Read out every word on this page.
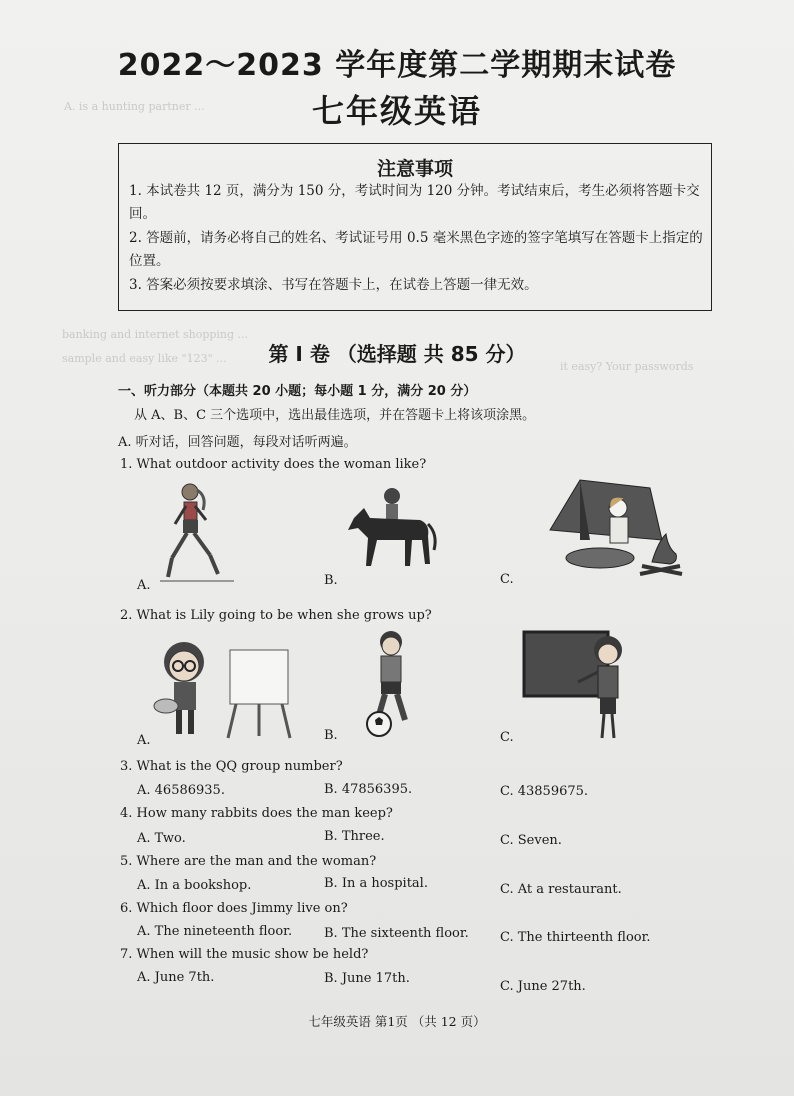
A. is a hunting partner ...
banking and internet shopping ...
sample and easy like "123" ...
it easy? Your passwords
2022～2023 学年度第二学期期末试卷
七年级英语
注意事项
1. 本试卷共 12 页，满分为 150 分，考试时间为 120 分钟。考试结束后，考生必须将答题卡交回。
2. 答题前，请务必将自己的姓名、考试证号用 0.5 毫米黑色字迹的签字笔填写在答题卡上指定的位置。
3. 答案必须按要求填涂、书写在答题卡上，在试卷上答题一律无效。
第 Ⅰ 卷 （选择题 共 85 分）
一、听力部分（本题共 20 小题；每小题 1 分，满分 20 分）
从 A、B、C 三个选项中，选出最佳选项，并在答题卡上将该项涂黑。
A. 听对话，回答问题，每段对话听两遍。
1. What outdoor activity does the woman like?
A.	B.	C.
2. What is Lily going to be when she grows up?
A.	B.	C.
3. What is the QQ group number?
A. 46586935.	B. 47856395.	C. 43859675.
4. How many rabbits does the man keep?
A. Two.	B. Three.	C. Seven.
5. Where are the man and the woman?
A. In a bookshop.	B. In a hospital.	C. At a restaurant.
6. Which floor does Jimmy live on?
A. The nineteenth floor. B. The sixteenth floor. C. The thirteenth floor.
7. When will the music show be held?
A. June 7th.	B. June 17th.
C. June 27th.
七年级英语 第1页 （共 12 页）
